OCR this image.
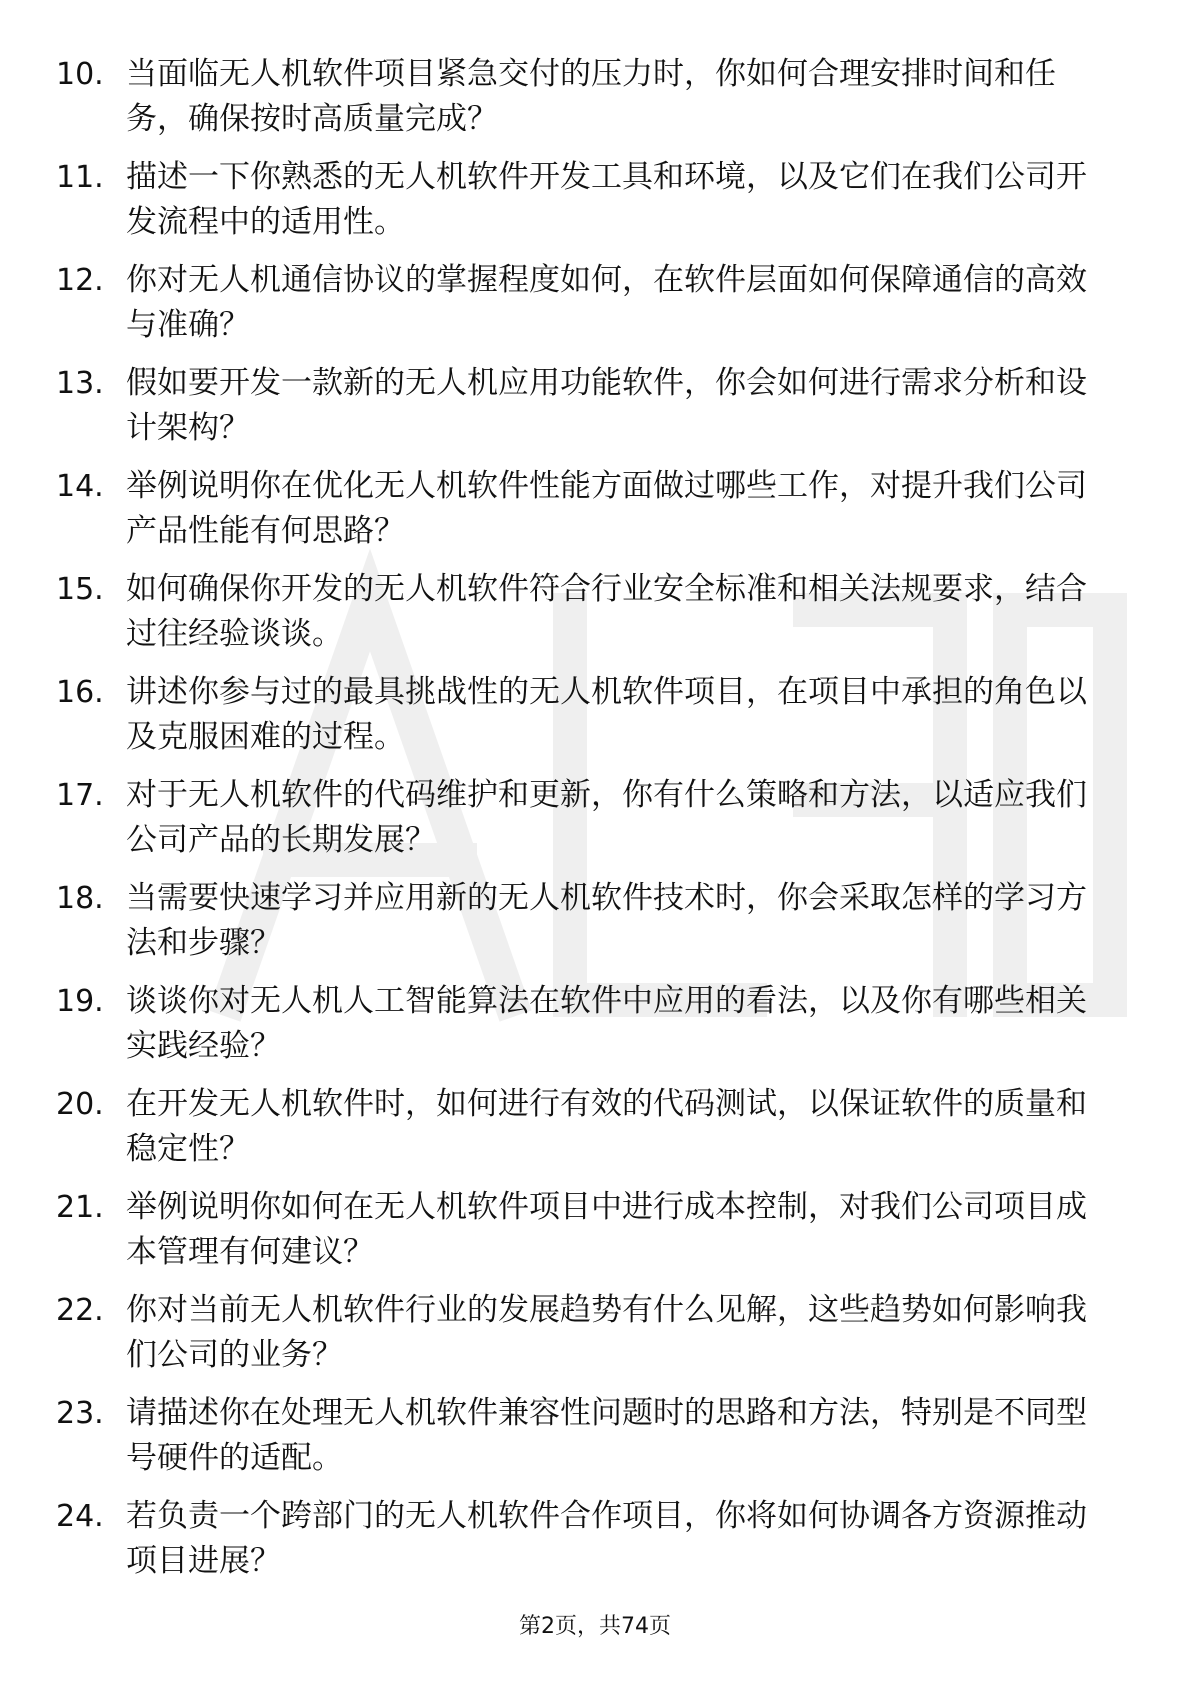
10. 当面临无人机软件项目紧急交付的压力时，你如何合理安排时间和任务，确保按时高质量完成？
11. 描述一下你熟悉的无人机软件开发工具和环境，以及它们在我们公司开发流程中的适用性。
12. 你对无人机通信协议的掌握程度如何，在软件层面如何保障通信的高效与准确？
13. 假如要开发一款新的无人机应用功能软件，你会如何进行需求分析和设计架构？
14. 举例说明你在优化无人机软件性能方面做过哪些工作，对提升我们公司产品性能有何思路？
15. 如何确保你开发的无人机软件符合行业安全标准和相关法规要求，结合过往经验谈谈。
16. 讲述你参与过的最具挑战性的无人机软件项目，在项目中承担的角色以及克服困难的过程。
17. 对于无人机软件的代码维护和更新，你有什么策略和方法，以适应我们公司产品的长期发展？
18. 当需要快速学习并应用新的无人机软件技术时，你会采取怎样的学习方法和步骤？
19. 谈谈你对无人机人工智能算法在软件中应用的看法，以及你有哪些相关实践经验？
20. 在开发无人机软件时，如何进行有效的代码测试，以保证软件的质量和稳定性？
21. 举例说明你如何在无人机软件项目中进行成本控制，对我们公司项目成本管理有何建议？
22. 你对当前无人机软件行业的发展趋势有什么见解，这些趋势如何影响我们公司的业务？
23. 请描述你在处理无人机软件兼容性问题时的思路和方法，特别是不同型号硬件的适配。
24. 若负责一个跨部门的无人机软件合作项目，你将如何协调各方资源推动项目进展？
第2页，共74页
